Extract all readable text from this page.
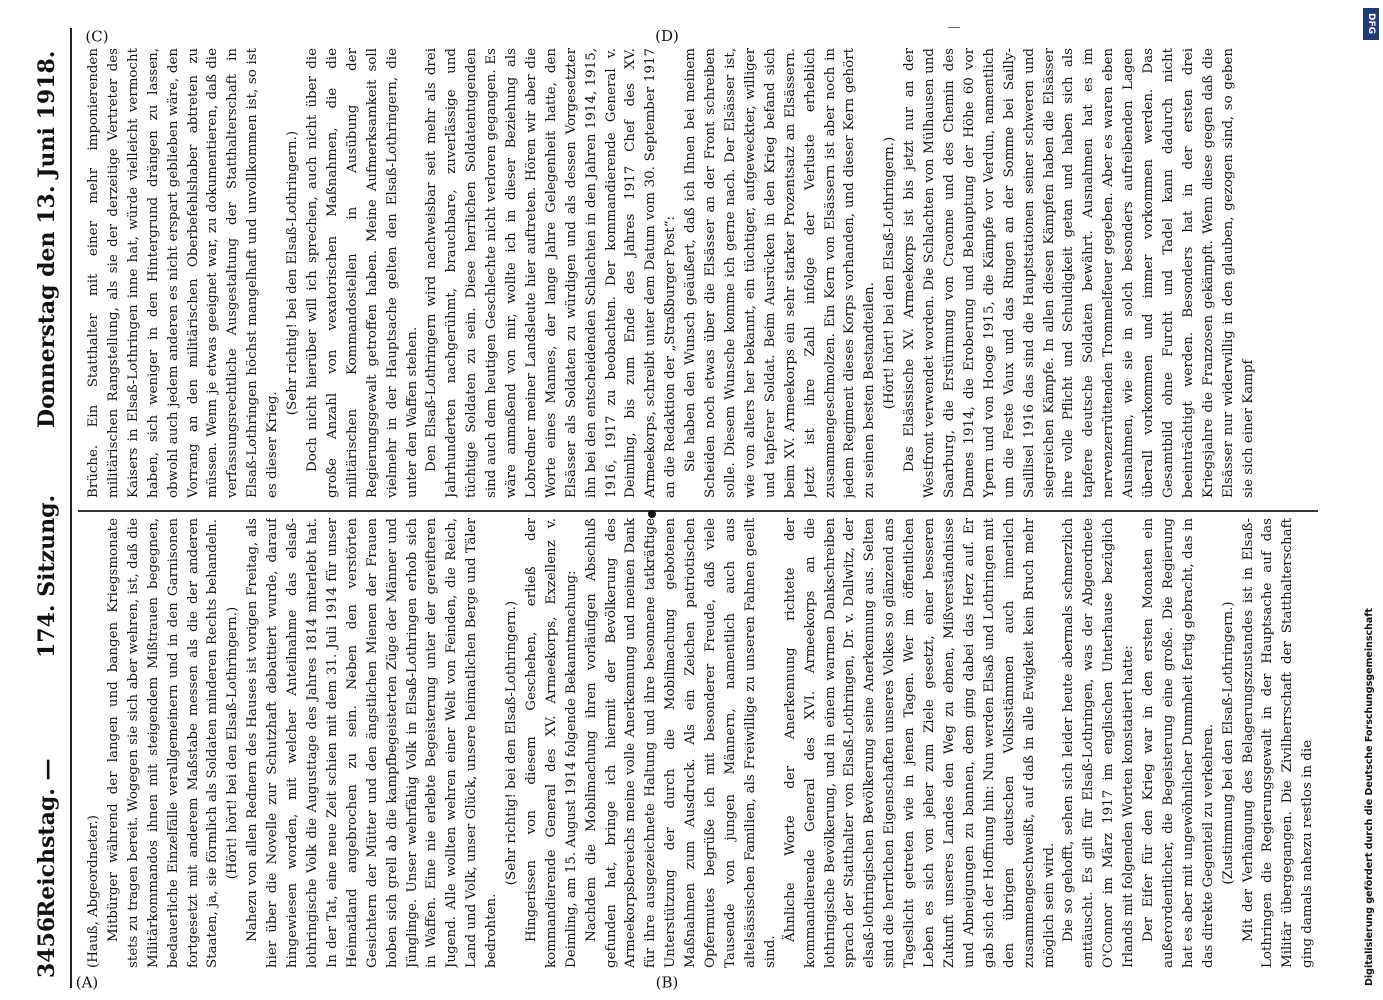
3456
Reichstag. —
174. Sitzung.
Donnerstag den 13. Juni 1918.

(Hauß, Abgeordneter.) Mitbürger während der langen und bangen Kriegsmonate stets zu tragen bereit. Wogegen sie sich aber wehren, ist, daß die Militärkommandos ihnen mit steigendem Mißtrauen begegnen, bedauerliche Einzelfälle verallgemeinern und in den Garnisonen fortgesetzt mit anderem Maßstabe messen als die der anderen Staaten, ja, sie förmlich als Soldaten minderen Rechts behandeln. (Hört! hört! bei den Elsaß-Lothringern.) Nahezu von allen Rednern des Hauses ist vorigen Freitag, als hier über die Novelle zur Schutzhaft debattiert wurde, darauf hingewiesen worden, mit welcher Anteilnahme das elsaß-lothringische Volk die Augusttage des Jahres 1814 miterlebt hat. In der Tat, eine neue Zeit schien mit dem 31. Juli 1914 für unser Heimatland angebrochen zu sein. Neben den verstörten Gesichtern der Mütter und den ängstlichen Mienen der Frauen hoben sich grell ab die kampfbegeisterten Züge der Männer und Jünglinge. Unser wehrfähig Volk in Elsaß-Lothringen erhob sich in Waffen. Eine nie erlebte Begeisterung unter der gereifteren Jugend. Alle wollten wehren einer Welt von Feinden, die Reich, Land und Volk, unser Glück, unsere heimatlichen Berge und Täler bedrohten.

(Sehr richtig! bei den Elsaß-Lothringern.) Hingerissen von diesem Geschehen, erließ der kommandierende General des XV. Armeekorps, Exzellenz v. Deimling, am 15. August 1914 folgende Bekanntmachung: Nachdem die Mobilmachung ihren vorläufigen Abschluß gefunden hat, bringe ich hiermit der Bevölkerung des Armeekorpsbereichs meine volle Anerkennung und meinen Dank für ihre ausgezeichnete Haltung und ihre besonnene tatkräftige Unterstützung der durch die Mobilmachung gebotenen Maßnahmen zum Ausdruck. Als ein Zeichen patriotischen Opfermutes begrüße ich mit besonderer Freude, daß viele Tausende von jungen Männern, namentlich auch aus altelsässischen Familien, als Freiwillige zu unseren Fahnen geeilt sind.

Ähnliche Worte der Anerkennung richtete der kommandierende General des XVI. Armeekorps an die lothringische Bevölkerung, und in einem warmen Dankschreiben sprach der Statthalter von Elsaß-Lothringen, Dr. v. Dallwitz, der elsaß-lothringischen Bevölkerung seine Anerkennung aus. Selten sind die herrlichen Eigenschaften unseres Volkes so glänzend ans Tageslicht getreten wie in jenen Tagen. Wer im öffentlichen Leben es sich von jeher zum Ziele gesetzt, einer besseren Zukunft unseres Landes den Weg zu ebnen, Mißverständnisse und Abneigungen zu bannen, dem ging dabei das Herz auf. Er gab sich der Hoffnung hin: Nun werden Elsaß und Lothringen mit den übrigen deutschen Volksstämmen auch innerlich zusammengeschweißt, auf daß in alle Ewigkeit kein Bruch mehr möglich sein wird. Die so gehofft, sehen sich leider heute abermals schmerzlich enttäuscht. Es gilt für Elsaß-Lothringen, was der Abgeordnete O'Connor im März 1917 im englischen Unterhause bezüglich Irlands mit folgenden Worten konstatiert hatte: Der Eifer für den Krieg war in den ersten Monaten ein außerordentlicher, die Begeisterung eine große. Die Regierung hat es aber mit ungewöhnlicher Dummheit fertig gebracht, das in das direkte Gegenteil zu verkehren. (Zustimmung bei den Elsaß-Lothringern.) Mit der Verhängung des Belagerungszustandes ist in Elsaß-Lothringen die Regierungsgewalt in der Hauptsache auf das Militär übergegangen. Die Zivilherrschaft der Statthalterschaft ging damals nahezu restlos in die

Brüche. Ein Statthalter mit einer mehr imponierenden militärischen Rangstellung, als sie der derzeitige Vertreter des Kaisers in Elsaß-Lothringen inne hat, würde vielleicht vermocht haben, sich weniger in den Hintergrund drängen zu lassen, obwohl auch jedem anderen es nicht erspart geblieben wäre, den Vorrang an den militärischen Oberbefehlshaber abtreten zu müssen. Wenn je etwas geeignet war, zu dokumentieren, daß die verfassungsrechtliche Ausgestaltung der Statthalterschaft in Elsaß-Lothringen höchst mangelhaft und unvollkommen ist, so ist es dieser Krieg.

(Sehr richtig! bei den Elsaß-Lothringern.) Doch nicht hierüber will ich sprechen, auch nicht über die große Anzahl von vexatorischen Maßnahmen, die die militärischen Kommandostellen in Ausübung der Regierungsgewalt getroffen haben. Meine Aufmerksamkeit soll vielmehr in der Hauptsache gelten den Elsaß-Lothringern, die unter den Waffen stehen. Den Elsaß-Lothringern wird nachweisbar seit mehr als drei Jahrhunderten nachgerühmt, brauchbare, zuverlässige und tüchtige Soldaten zu sein. Diese herrlichen Soldatentugenden sind auch dem heutigen Geschlechte nicht verloren gegangen. Es wäre anmaßend von mir, wollte ich in dieser Beziehung als Lobredner meiner Landsleute hier auftreten. Hören wir aber die Worte eines Mannes, der lange Jahre Gelegenheit hatte, den Elsässer als Soldaten zu würdigen und als dessen Vorgesetzter ihn bei den entscheidenden Schlachten in den Jahren 1914, 1915, 1916, 1917 zu beobachten. Der kommandierende General v. Deimling, bis zum Ende des Jahres 1917 Chef des XV. Armeekorps, schreibt unter dem Datum vom 30. September 1917 an die Redaktion der „Straßburger Post“: Sie haben den Wunsch geäußert, daß ich Ihnen bei meinem Scheiden noch etwas über die Elsässer an der Front schreiben solle. Diesem Wunsche komme ich gerne nach. Der Elsässer ist, wie von alters her bekannt, ein tüchtiger, aufgeweckter, williger und tapferer Soldat. Beim Ausrücken in den Krieg befand sich beim XV. Armeekorps ein sehr starker Prozentsatz an Elsässern. Jetzt ist ihre Zahl infolge der Verluste erheblich zusammengeschmolzen. Ein Kern von Elsässern ist aber noch in jedem Regiment dieses Korps vorhanden, und dieser Kern gehört zu seinen besten Bestandteilen. (Hört! hört! bei den Elsaß-Lothringern.) Das Elsässische XV. Armeekorps ist bis jetzt nur an der Westfront verwendet worden. Die Schlachten von Mülhausen und Saarburg, die Erstürmung von Craonne und des Chemin des Dames 1914, die Eroberung und Behauptung der Höhe 60 vor Ypern und von Hooge 1915, die Kämpfe vor Verdun, namentlich um die Feste Vaux und das Ringen an der Somme bei Sailly-Saillisel 1916 das sind die Hauptstationen seiner schweren und siegreichen Kämpfe. In allen diesen Kämpfen haben die Elsässer ihre volle Pflicht und Schuldigkeit getan und haben sich als tapfere deutsche Soldaten bewährt. Ausnahmen hat es im nervenzerrüttenden Trommelfeuer gegeben. Aber es waren eben Ausnahmen, wie sie in solch besonders aufreibenden Lagen überall vorkommen und immer vorkommen werden. Das Gesamtbild ohne Furcht und Tadel kann dadurch nicht beeinträchtigt werden. Besonders hat in der ersten drei Kriegsjahre die Franzosen gekämpft. Wenn diese gegen daß die Elsässer nur widerwillig in den glauben, gezogen sind, so geben sie sich einer Kampf

(A)	(B)
(C)	(D)
DFG
Digitalisierung gefördert durch die Deutsche Forschungsgemeinschaft
